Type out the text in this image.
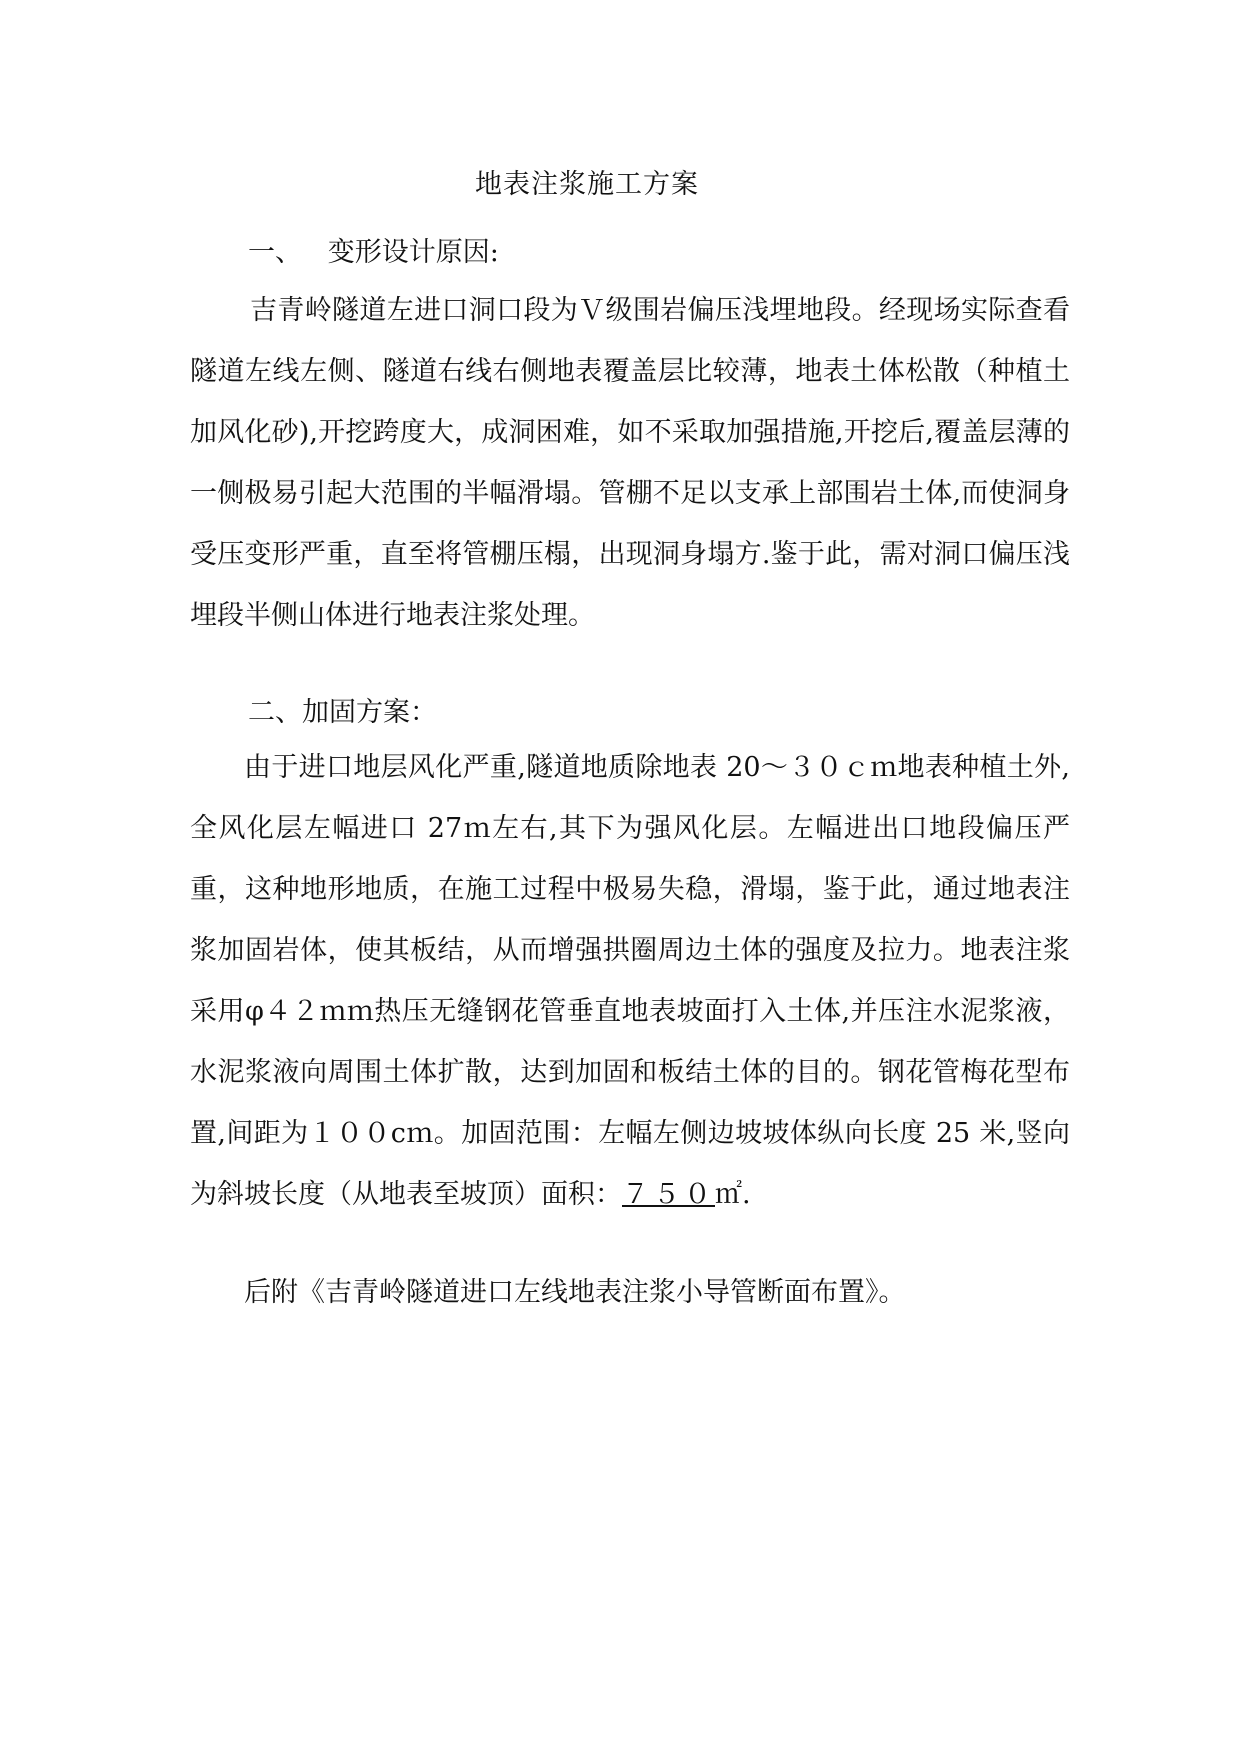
地表注浆施工方案
一、   变形设计原因:

吉青岭隧道左进口洞口段为Ｖ级围岩偏压浅埋地段。经现场实际查看隧道左线左侧、隧道右线右侧地表覆盖层比较薄，地表土体松散（种植土加风化砂),开挖跨度大，成洞困难，如不采取加强措施,开挖后,覆盖层薄的一侧极易引起大范围的半幅滑塌。管棚不足以支承上部围岩土体,而使洞身受压变形严重，直至将管棚压榻，出现洞身塌方.鉴于此，需对洞口偏压浅埋段半侧山体进行地表注浆处理。

二、加固方案：

由于进口地层风化严重,隧道地质除地表 20～３０ｃｍ地表种植土外,全风化层左幅进口 27ｍ左右,其下为强风化层。左幅进出口地段偏压严重，这种地形地质，在施工过程中极易失稳，滑塌，鉴于此，通过地表注浆加固岩体，使其板结，从而增强拱圈周边土体的强度及拉力。地表注浆采用φ４２ｍｍ热压无缝钢花管垂直地表坡面打入土体,并压注水泥浆液，水泥浆液向周围土体扩散，达到加固和板结土体的目的。钢花管梅花型布置,间距为１００cｍ。加固范围：左幅左侧边坡坡体纵向长度 25 米,竖向为斜坡长度（从地表至坡顶）面积：７５０㎡.

后附《吉青岭隧道进口左线地表注浆小导管断面布置》。
